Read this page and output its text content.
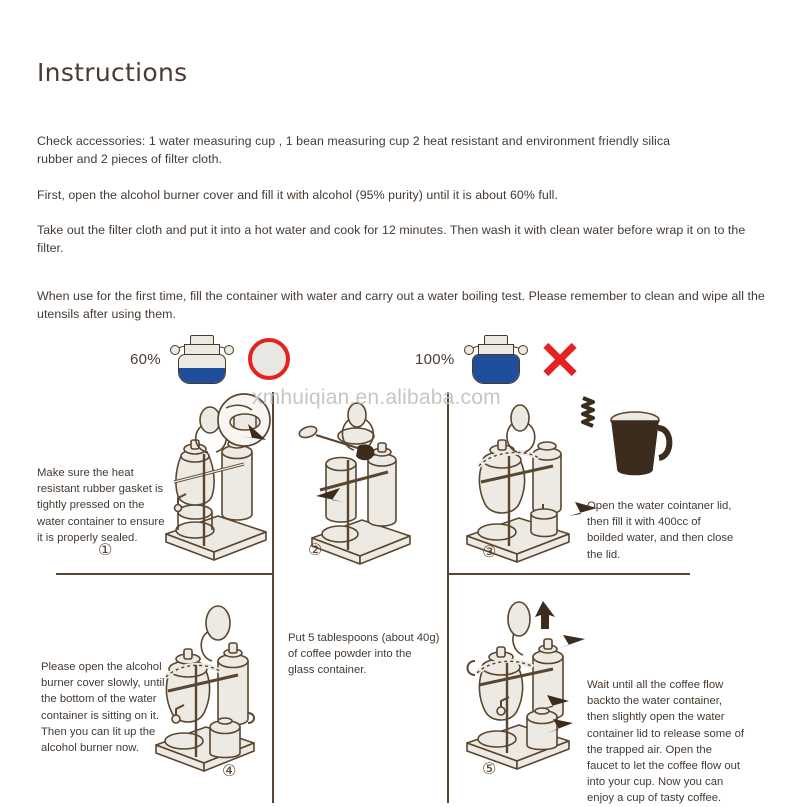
Instructions
Check accessories: 1 water measuring cup , 1 bean measuring cup 2 heat resistant and environment friendly silica rubber and 2 pieces of filter cloth.
First, open the alcohol burner cover and fill it with alcohol (95% purity) until it is about 60% full.
Take out the filter cloth and put it into a hot water and cook for 12 minutes. Then wash it with clean water before wrap it on to the filter.
When use for the first time, fill the container with water and carry out a water boiling test. Please remember to clean and wipe all the utensils after using them.
60%	100%
xmhuiqian.en.alibaba.com
Make sure the heat resistant rubber gasket is tightly pressed on the water container to ensure it is properly sealed.
①	②
Open the water cointaner lid, then fill it with 400cc of boilded water, and then close the lid.
③
Please open the alcohol burner cover slowly, until the bottom of the water container is sitting on it. Then you can lit up the alcohol burner now.
④
Put 5 tablespoons (about 40g) of coffee powder into the glass container.
Wait until all the coffee flow backto the water container, then slightly open the water container lid to release some of the trapped air. Open the faucet to let the coffee flow out into your cup. Now you can enjoy a cup of tasty coffee.
⑤
